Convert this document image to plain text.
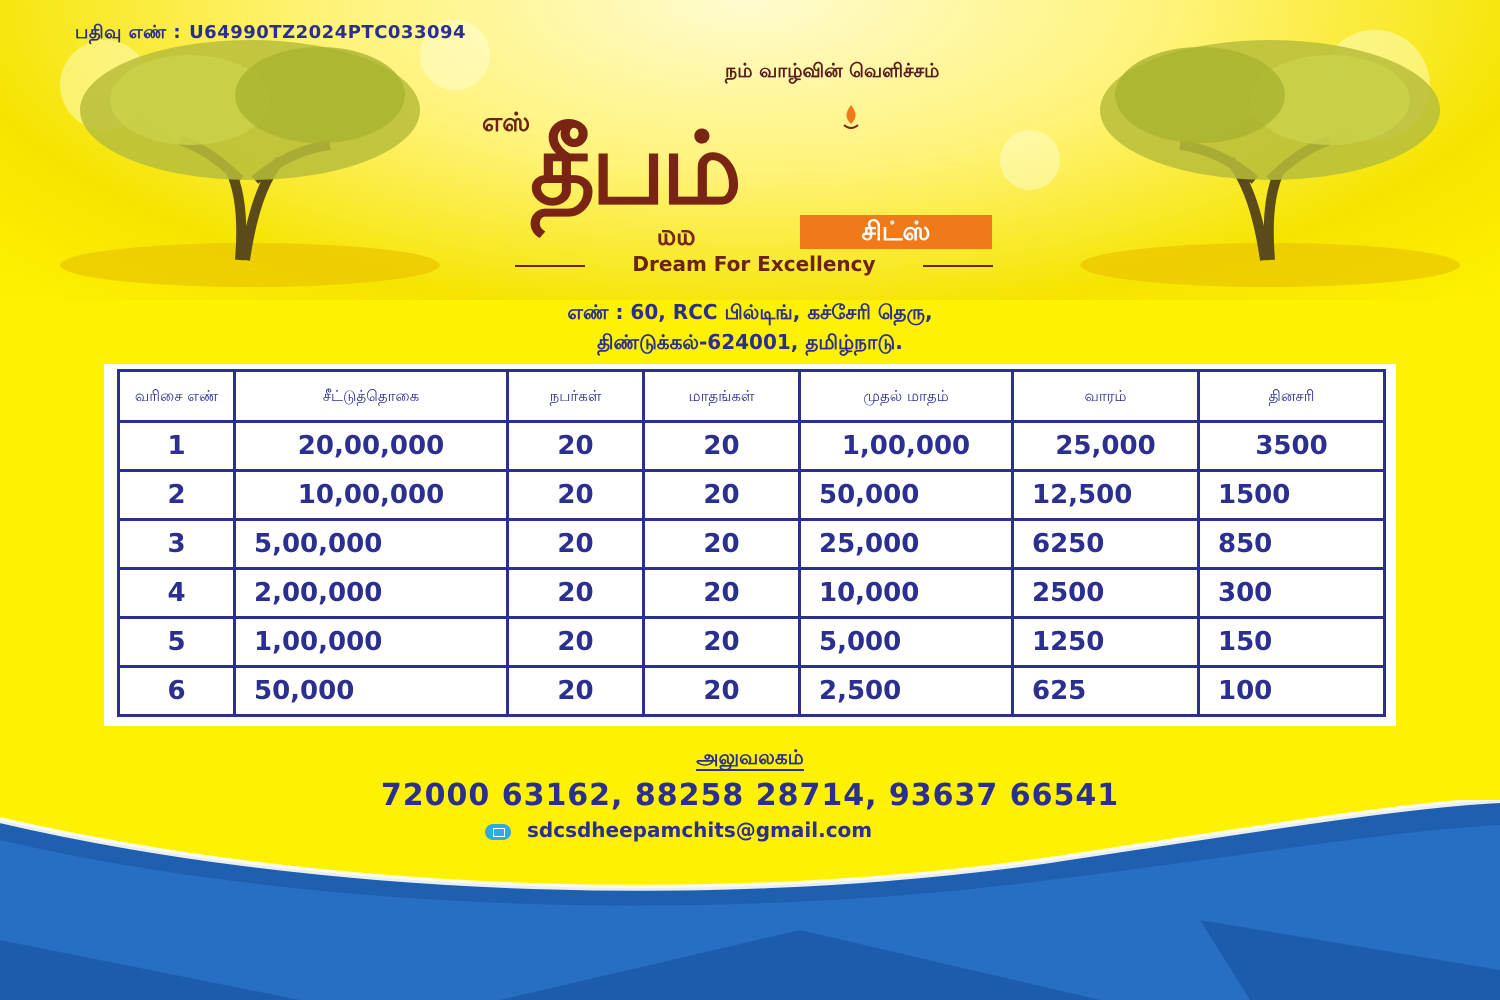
பதிவு எண் : U64990TZ2024PTC033094
நம் வாழ்வின் வெளிச்சம்
எஸ் தீபம்
௰௰	சிட்ஸ்
Dream For Excellency
எண் : 60, RCC பில்டிங், கச்சேரி தெரு,
திண்டுக்கல்-624001, தமிழ்நாடு.
வரிசை எண்	சீட்டுத்தொகை	நபர்கள்	மாதங்கள்	முதல் மாதம்	வாரம்	தினசரி
1	20,00,000	20	20	1,00,000	25,000	3500
2	10,00,000	20	20	50,000	12,500	1500
3	5,00,000	20	20	25,000	6250	850
4	2,00,000	20	20	10,000	2500	300
5	1,00,000	20	20	5,000	1250	150
6	50,000	20	20	2,500	625	100
அலுவலகம்
72000 63162, 88258 28714, 93637 66541
sdcsdheepamchits@gmail.com
